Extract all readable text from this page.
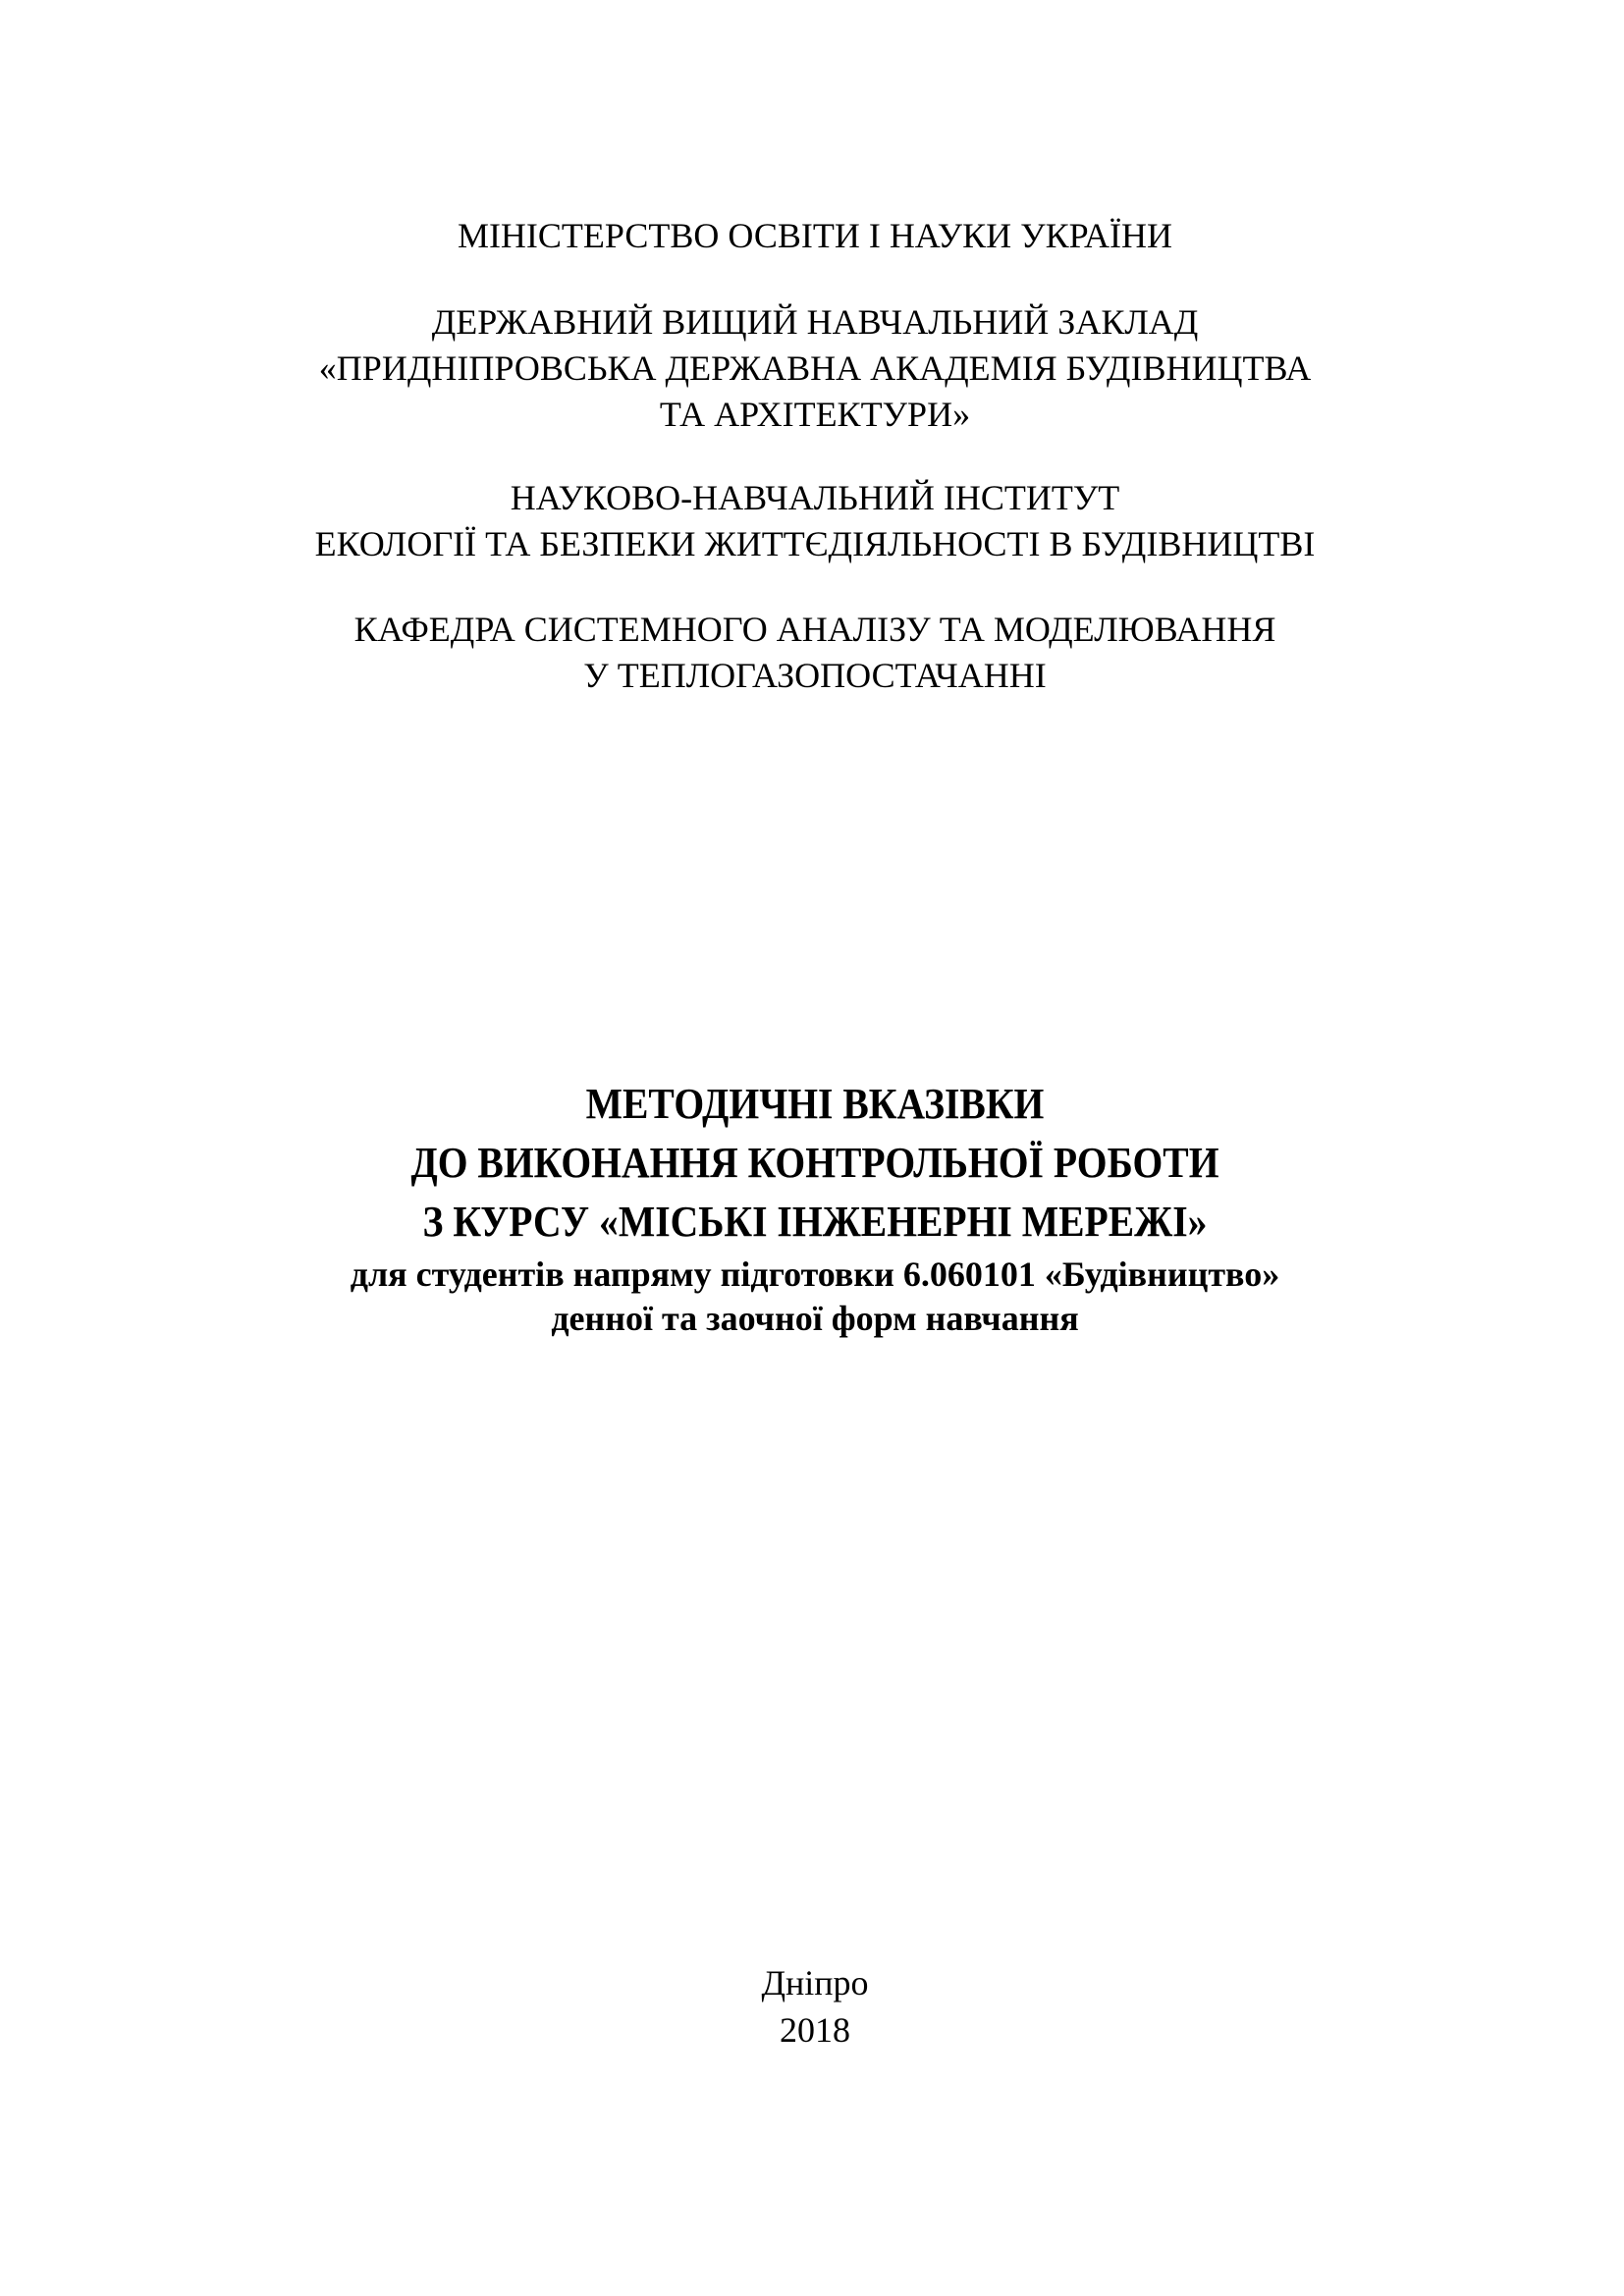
МІНІСТЕРСТВО ОСВІТИ І НАУКИ УКРАЇНИ
ДЕРЖАВНИЙ ВИЩИЙ НАВЧАЛЬНИЙ ЗАКЛАД
«ПРИДНІПРОВСЬКА ДЕРЖАВНА АКАДЕМІЯ БУДІВНИЦТВА
ТА АРХІТЕКТУРИ»
НАУКОВО-НАВЧАЛЬНИЙ ІНСТИТУТ
ЕКОЛОГІЇ ТА БЕЗПЕКИ ЖИТТЄДІЯЛЬНОСТІ В БУДІВНИЦТВІ
КАФЕДРА СИСТЕМНОГО АНАЛІЗУ ТА МОДЕЛЮВАННЯ
У ТЕПЛОГАЗОПОСТАЧАННІ
МЕТОДИЧНІ ВКАЗІВКИ
ДО ВИКОНАННЯ КОНТРОЛЬНОЇ РОБОТИ
З КУРСУ «МІСЬКІ ІНЖЕНЕРНІ МЕРЕЖІ»
для студентів напряму підготовки 6.060101 «Будівництво»
денної та заочної форм навчання
Дніпро
2018
